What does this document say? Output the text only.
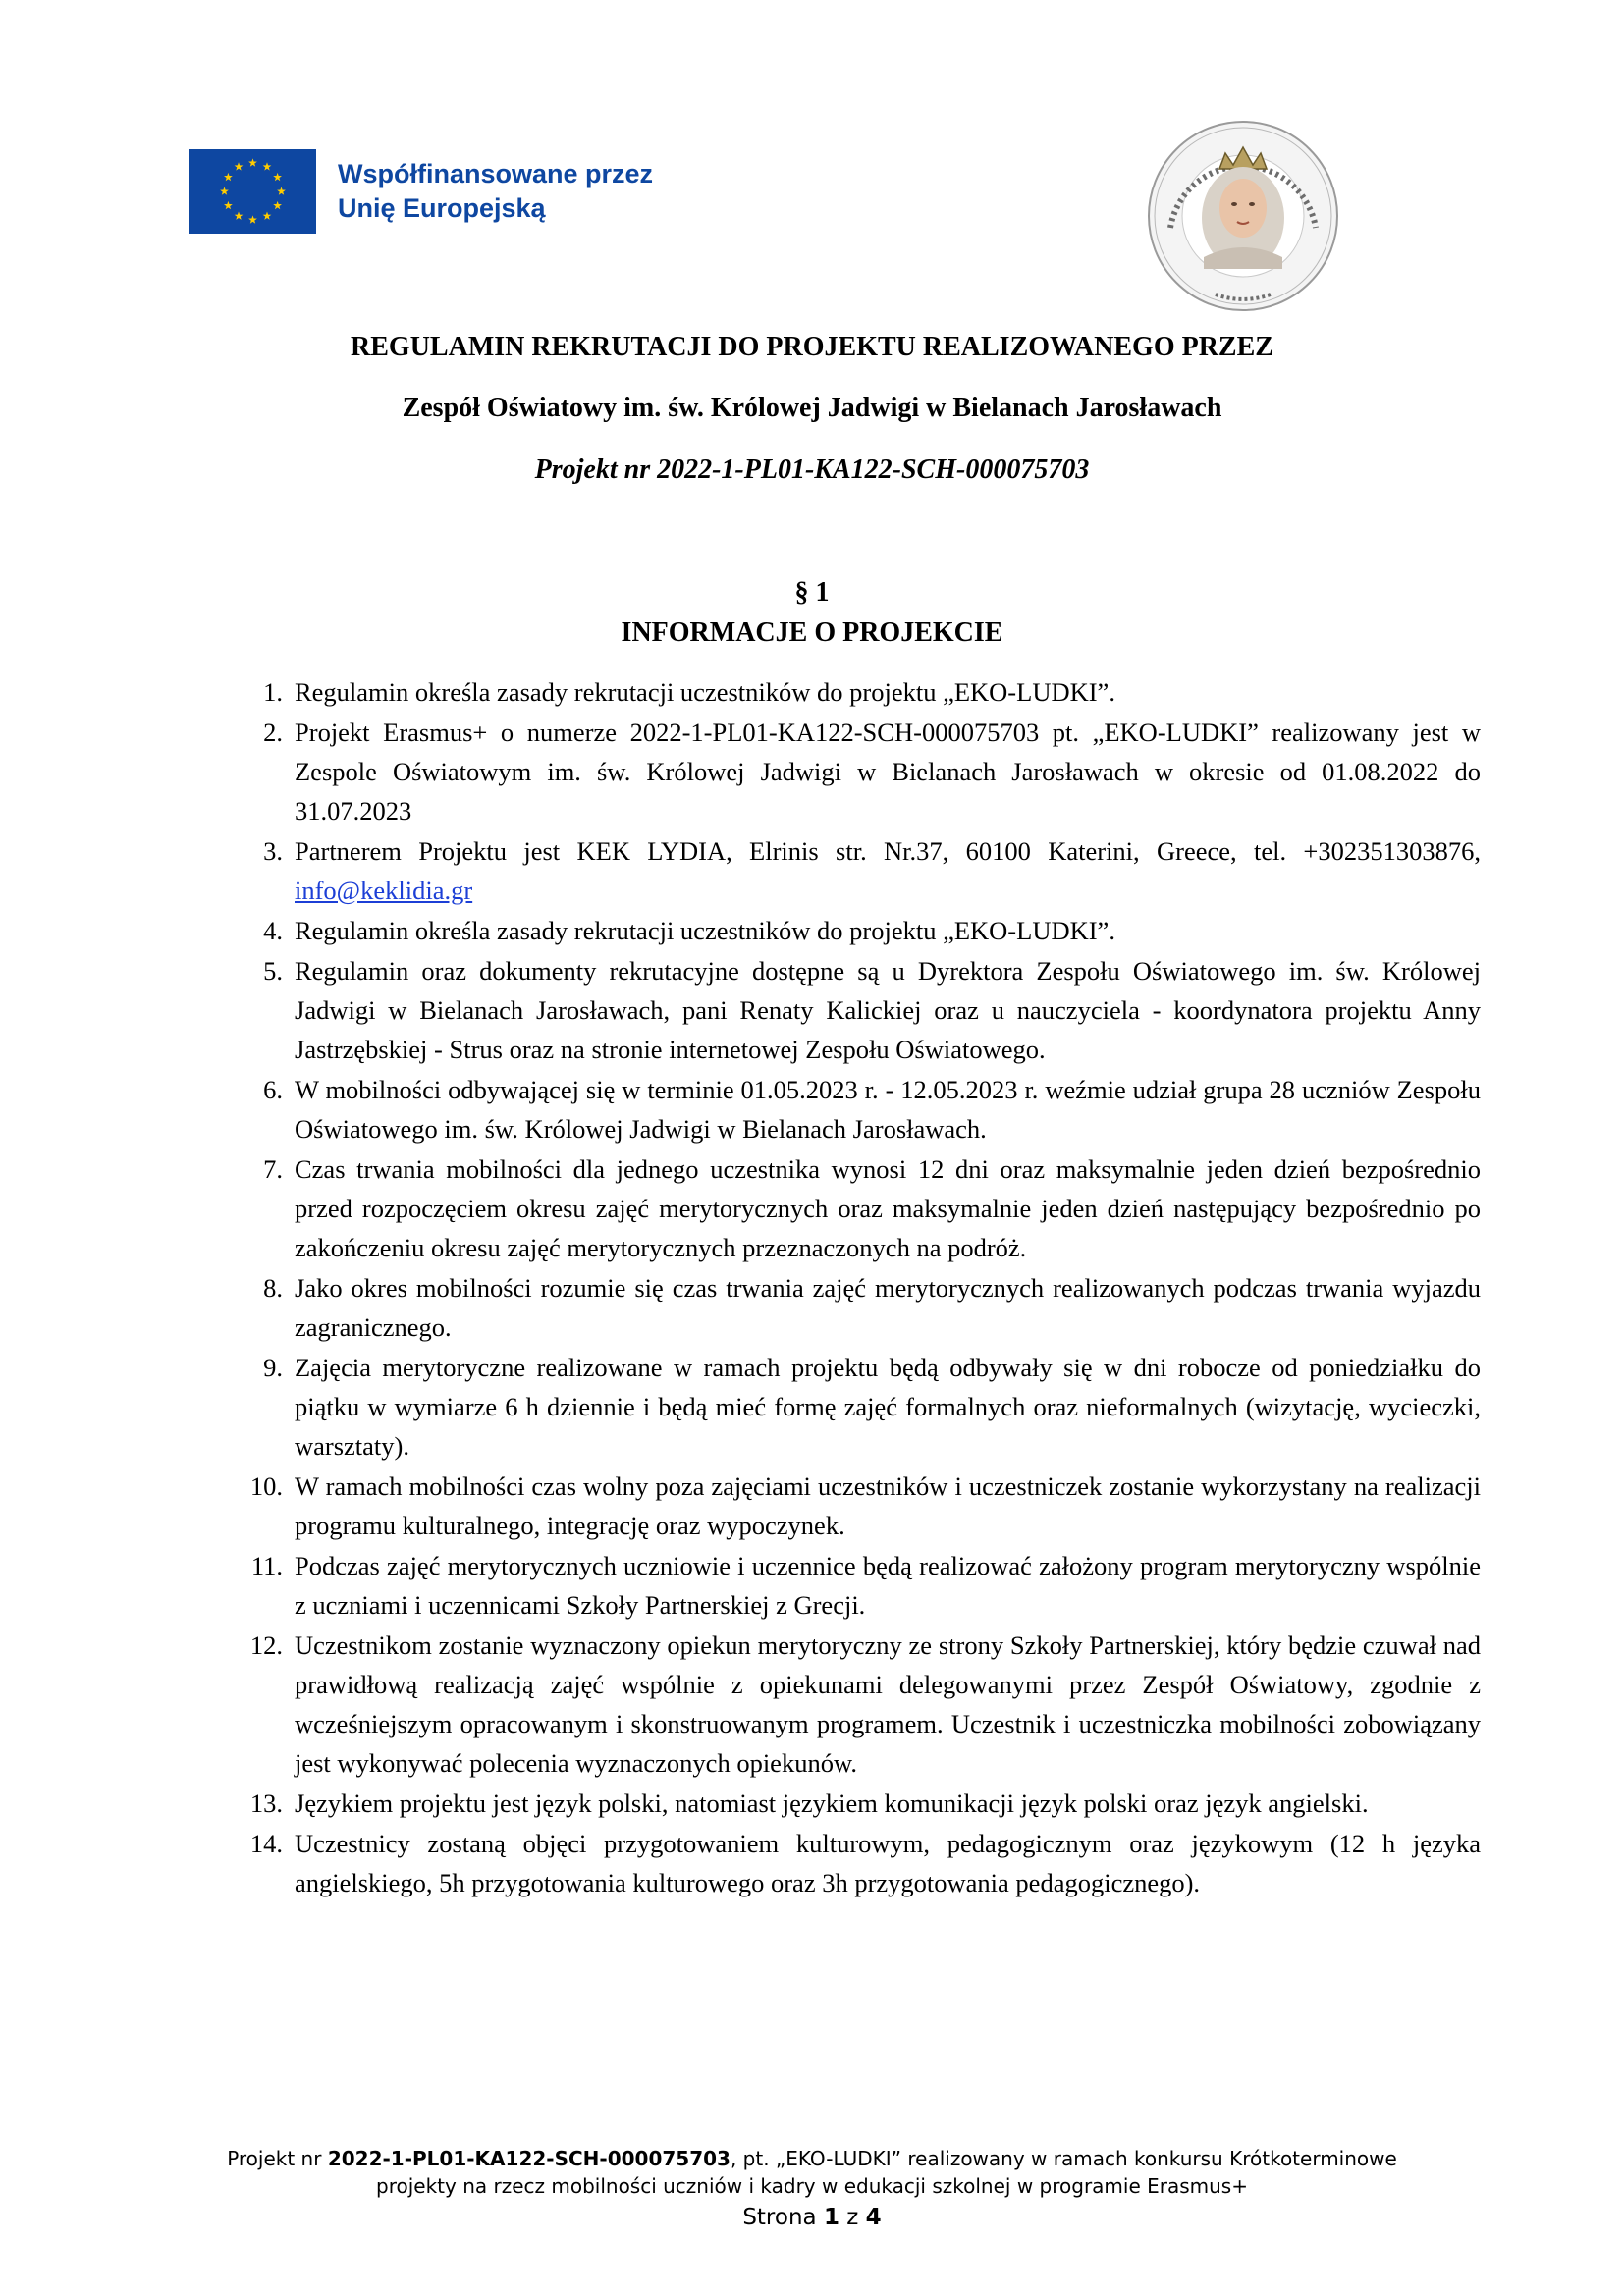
Współfinansowane przez
Unię Europejską
REGULAMIN REKRUTACJI DO PROJEKTU REALIZOWANEGO PRZEZ
Zespół Oświatowy im. św. Królowej Jadwigi w Bielanach Jarosławach
Projekt nr 2022-1-PL01-KA122-SCH-000075703
§ 1
INFORMACJE O PROJEKCIE
1. Regulamin określa zasady rekrutacji uczestników do projektu „EKO-LUDKI”.
2. Projekt Erasmus+ o numerze 2022-1-PL01-KA122-SCH-000075703 pt. „EKO-LUDKI” realizowany jest w Zespole Oświatowym im. św. Królowej Jadwigi w Bielanach Jarosławach w okresie od 01.08.2022 do 31.07.2023
3. Partnerem Projektu jest KEK LYDIA, Elrinis str. Nr.37, 60100 Katerini, Greece, tel. +302351303876, info@keklidia.gr
4. Regulamin określa zasady rekrutacji uczestników do projektu „EKO-LUDKI”.
5. Regulamin oraz dokumenty rekrutacyjne dostępne są u Dyrektora Zespołu Oświatowego im. św. Królowej Jadwigi w Bielanach Jarosławach, pani Renaty Kalickiej oraz u nauczyciela - koordynatora projektu Anny Jastrzębskiej - Strus oraz na stronie internetowej Zespołu Oświatowego.
6. W mobilności odbywającej się w terminie 01.05.2023 r. - 12.05.2023 r. weźmie udział grupa 28 uczniów Zespołu Oświatowego im. św. Królowej Jadwigi w Bielanach Jarosławach.
7. Czas trwania mobilności dla jednego uczestnika wynosi 12 dni oraz maksymalnie jeden dzień bezpośrednio przed rozpoczęciem okresu zajęć merytorycznych oraz maksymalnie jeden dzień następujący bezpośrednio po zakończeniu okresu zajęć merytorycznych przeznaczonych na podróż.
8. Jako okres mobilności rozumie się czas trwania zajęć merytorycznych realizowanych podczas trwania wyjazdu zagranicznego.
9. Zajęcia merytoryczne realizowane w ramach projektu będą odbywały się w dni robocze od poniedziałku do piątku w wymiarze 6 h dziennie i będą mieć formę zajęć formalnych oraz nieformalnych (wizytację, wycieczki, warsztaty).
10. W ramach mobilności czas wolny poza zajęciami uczestników i uczestniczek zostanie wykorzystany na realizacji programu kulturalnego, integrację oraz wypoczynek.
11. Podczas zajęć merytorycznych uczniowie i uczennice będą realizować założony program merytoryczny wspólnie z uczniami i uczennicami Szkoły Partnerskiej z Grecji.
12. Uczestnikom zostanie wyznaczony opiekun merytoryczny ze strony Szkoły Partnerskiej, który będzie czuwał nad prawidłową realizacją zajęć wspólnie z opiekunami delegowanymi przez Zespół Oświatowy, zgodnie z wcześniejszym opracowanym i skonstruowanym programem. Uczestnik i uczestniczka mobilności zobowiązany jest wykonywać polecenia wyznaczonych opiekunów.
13. Językiem projektu jest język polski, natomiast językiem komunikacji język polski oraz język angielski.
14. Uczestnicy zostaną objęci przygotowaniem kulturowym, pedagogicznym oraz językowym (12 h języka angielskiego, 5h przygotowania kulturowego oraz 3h przygotowania pedagogicznego).
Projekt nr 2022-1-PL01-KA122-SCH-000075703, pt. „EKO-LUDKI” realizowany w ramach konkursu Krótkoterminowe
projekty na rzecz mobilności uczniów i kadry w edukacji szkolnej w programie Erasmus+
Strona 1 z 4
